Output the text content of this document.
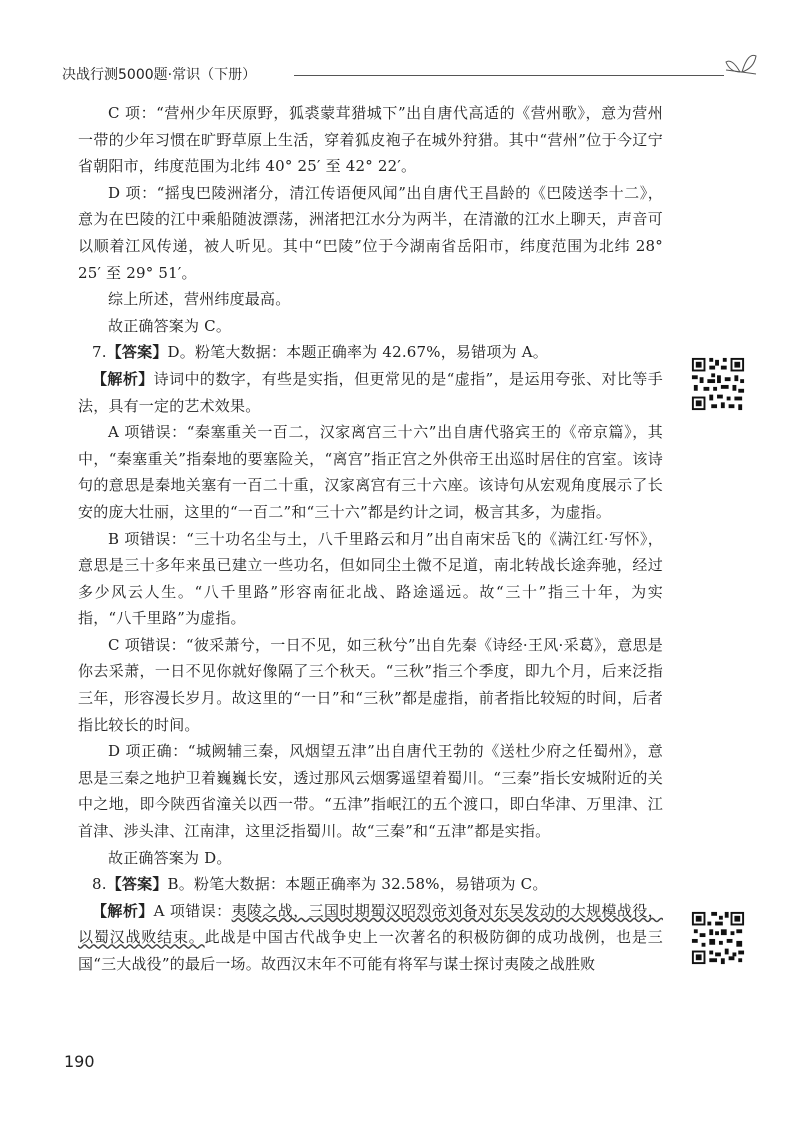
决战行测5000题·常识（下册）

C 项：“营州少年厌原野，狐裘蒙茸猎城下”出自唐代高适的《营州歌》，意为营州一带的少年习惯在旷野草原上生活，穿着狐皮袍子在城外狩猎。其中“营州”位于今辽宁省朝阳市，纬度范围为北纬 40° 25′ 至 42° 22′。

D 项：“摇曳巴陵洲渚分，清江传语便风闻”出自唐代王昌龄的《巴陵送李十二》，意为在巴陵的江中乘船随波漂荡，洲渚把江水分为两半，在清澈的江水上聊天，声音可以顺着江风传递，被人听见。其中“巴陵”位于今湖南省岳阳市，纬度范围为北纬 28° 25′ 至 29° 51′。

综上所述，营州纬度最高。

故正确答案为 C。

7.【答案】D。粉笔大数据：本题正确率为 42.67%，易错项为 A。

【解析】诗词中的数字，有些是实指，但更常见的是“虚指”，是运用夸张、对比等手法，具有一定的艺术效果。

A 项错误：“秦塞重关一百二，汉家离宫三十六”出自唐代骆宾王的《帝京篇》，其中，“秦塞重关”指秦地的要塞险关，“离宫”指正宫之外供帝王出巡时居住的宫室。该诗句的意思是秦地关塞有一百二十重，汉家离宫有三十六座。该诗句从宏观角度展示了长安的庞大壮丽，这里的“一百二”和“三十六”都是约计之词，极言其多，为虚指。

B 项错误：“三十功名尘与土，八千里路云和月”出自南宋岳飞的《满江红·写怀》，意思是三十多年来虽已建立一些功名，但如同尘土微不足道，南北转战长途奔驰，经过多少风云人生。“八千里路”形容南征北战、路途遥远。故“三十”指三十年，为实指，“八千里路”为虚指。

C 项错误：“彼采萧兮，一日不见，如三秋兮”出自先秦《诗经·王风·采葛》，意思是你去采萧，一日不见你就好像隔了三个秋天。“三秋”指三个季度，即九个月，后来泛指三年，形容漫长岁月。故这里的“一日”和“三秋”都是虚指，前者指比较短的时间，后者指比较长的时间。

D 项正确：“城阙辅三秦，风烟望五津”出自唐代王勃的《送杜少府之任蜀州》，意思是三秦之地护卫着巍巍长安，透过那风云烟雾遥望着蜀川。“三秦”指长安城附近的关中之地，即今陕西省潼关以西一带。“五津”指岷江的五个渡口，即白华津、万里津、江首津、涉头津、江南津，这里泛指蜀川。故“三秦”和“五津”都是实指。

故正确答案为 D。

8.【答案】B。粉笔大数据：本题正确率为 32.58%，易错项为 C。

【解析】A 项错误：夷陵之战，三国时期蜀汉昭烈帝刘备对东吴发动的大规模战役，以蜀汉战败结束。此战是中国古代战争史上一次著名的积极防御的成功战例，也是三国“三大战役”的最后一场。故西汉末年不可能有将军与谋士探讨夷陵之战胜败

190
